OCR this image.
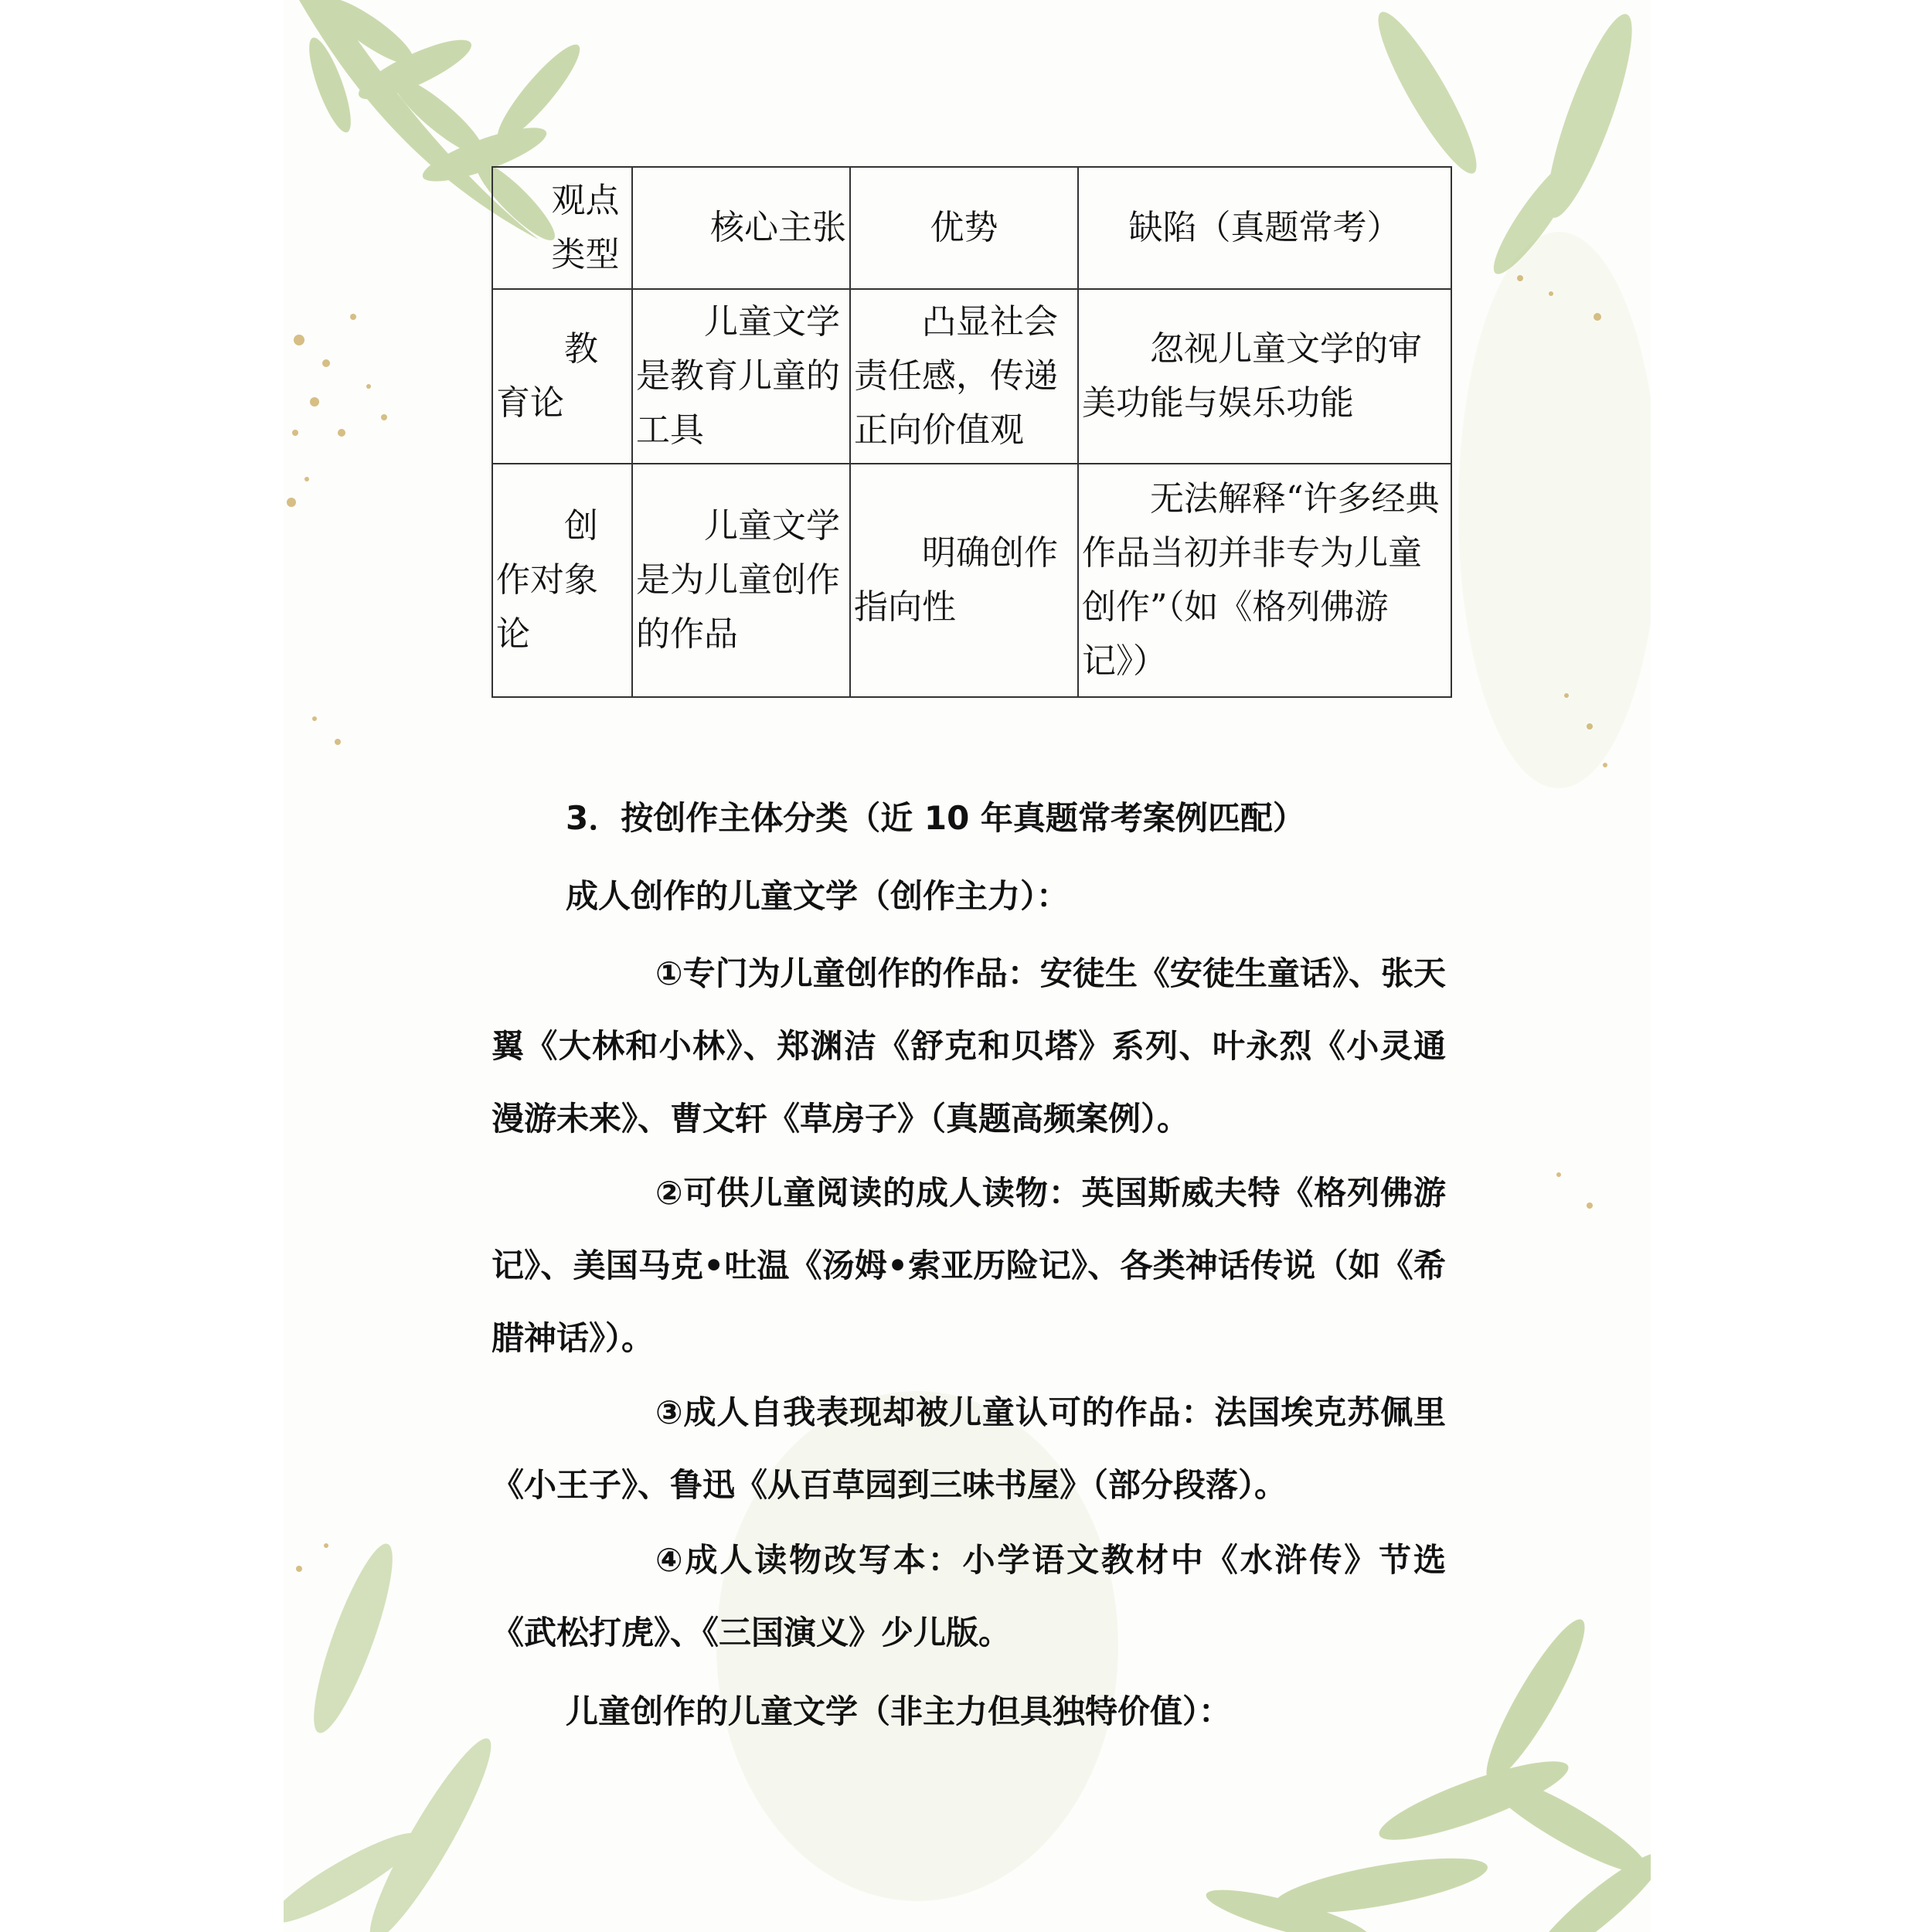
观点类型	核心主张	优势	缺陷（真题常考）

教育论	儿童文学是教育儿童的工具	凸显社会责任感，传递正向价值观	忽视儿童文学的审美功能与娱乐功能

创作对象论	儿童文学是为儿童创作的作品	明确创作指向性	无法解释“许多经典作品当初并非专为儿童创作”（如《格列佛游记》）

3．按创作主体分类（近 10 年真题常考案例匹配）

成人创作的儿童文学（创作主力）：

①专门为儿童创作的作品：安徒生《安徒生童话》、张天翼《大林和小林》、郑渊洁《舒克和贝塔》系列、叶永烈《小灵通漫游未来》、曹文轩《草房子》（真题高频案例）。

②可供儿童阅读的成人读物：英国斯威夫特《格列佛游记》、美国马克•吐温《汤姆•索亚历险记》、各类神话传说（如《希腊神话》）。

③成人自我表现却被儿童认可的作品：法国埃克苏佩里《小王子》、鲁迅《从百草园到三味书屋》（部分段落）。

④成人读物改写本：小学语文教材中《水浒传》节选《武松打虎》、《三国演义》少儿版。

儿童创作的儿童文学（非主力但具独特价值）：
